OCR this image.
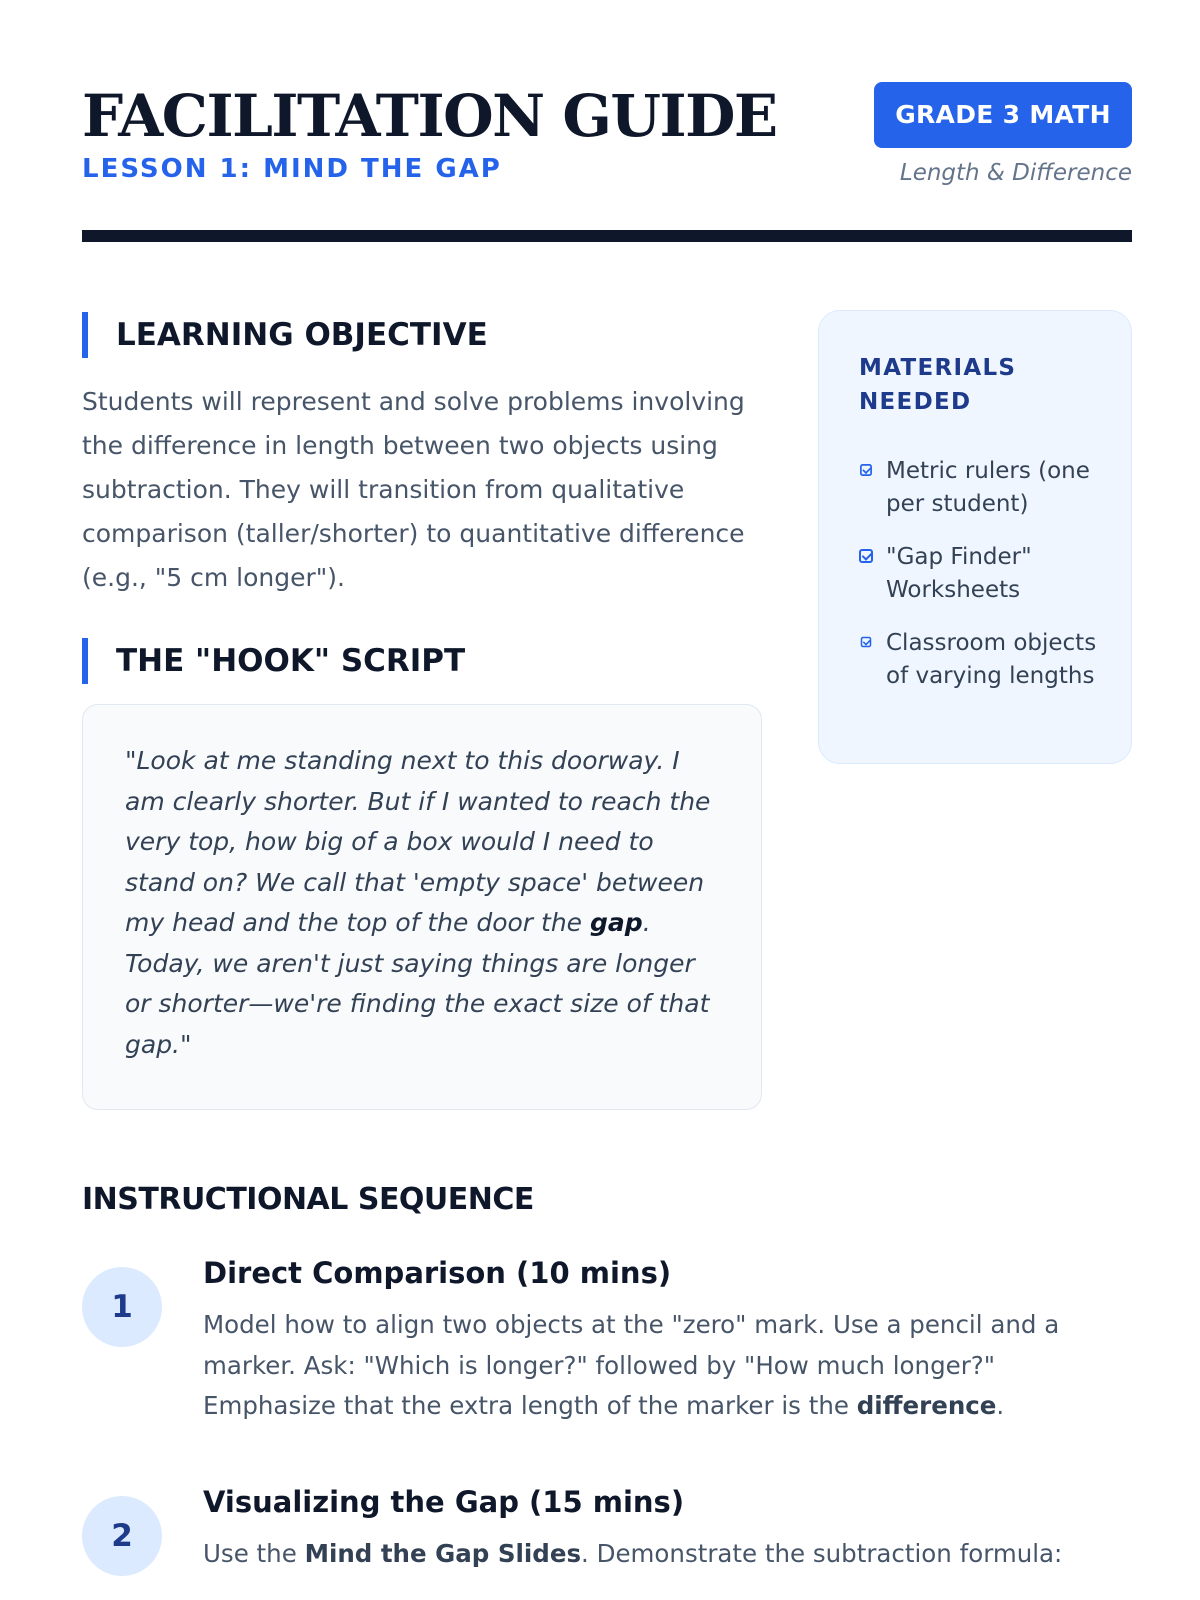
FACILITATION GUIDE
LESSON 1: MIND THE GAP
GRADE 3 MATH
Length & Difference
LEARNING OBJECTIVE

Students will represent and solve problems involving the difference in length between two objects using subtraction. They will transition from qualitative comparison (taller/shorter) to quantitative difference (e.g., "5 cm longer").

THE "HOOK" SCRIPT

"Look at me standing next to this doorway. I am clearly shorter. But if I wanted to reach the very top, how big of a box would I need to stand on? We call that 'empty space' between my head and the top of the door the gap. Today, we aren't just saying things are longer or shorter—we're finding the exact size of that gap."

MATERIALS NEEDED
Metric rulers (one per student)
"Gap Finder" Worksheets
Classroom objects of varying lengths
INSTRUCTIONAL SEQUENCE
1
Direct Comparison (10 mins)

Model how to align two objects at the "zero" mark. Use a pencil and a marker. Ask: "Which is longer?" followed by "How much longer?" Emphasize that the extra length of the marker is the difference.

2
Visualizing the Gap (15 mins)

Use the Mind the Gap Slides. Demonstrate the subtraction formula:
